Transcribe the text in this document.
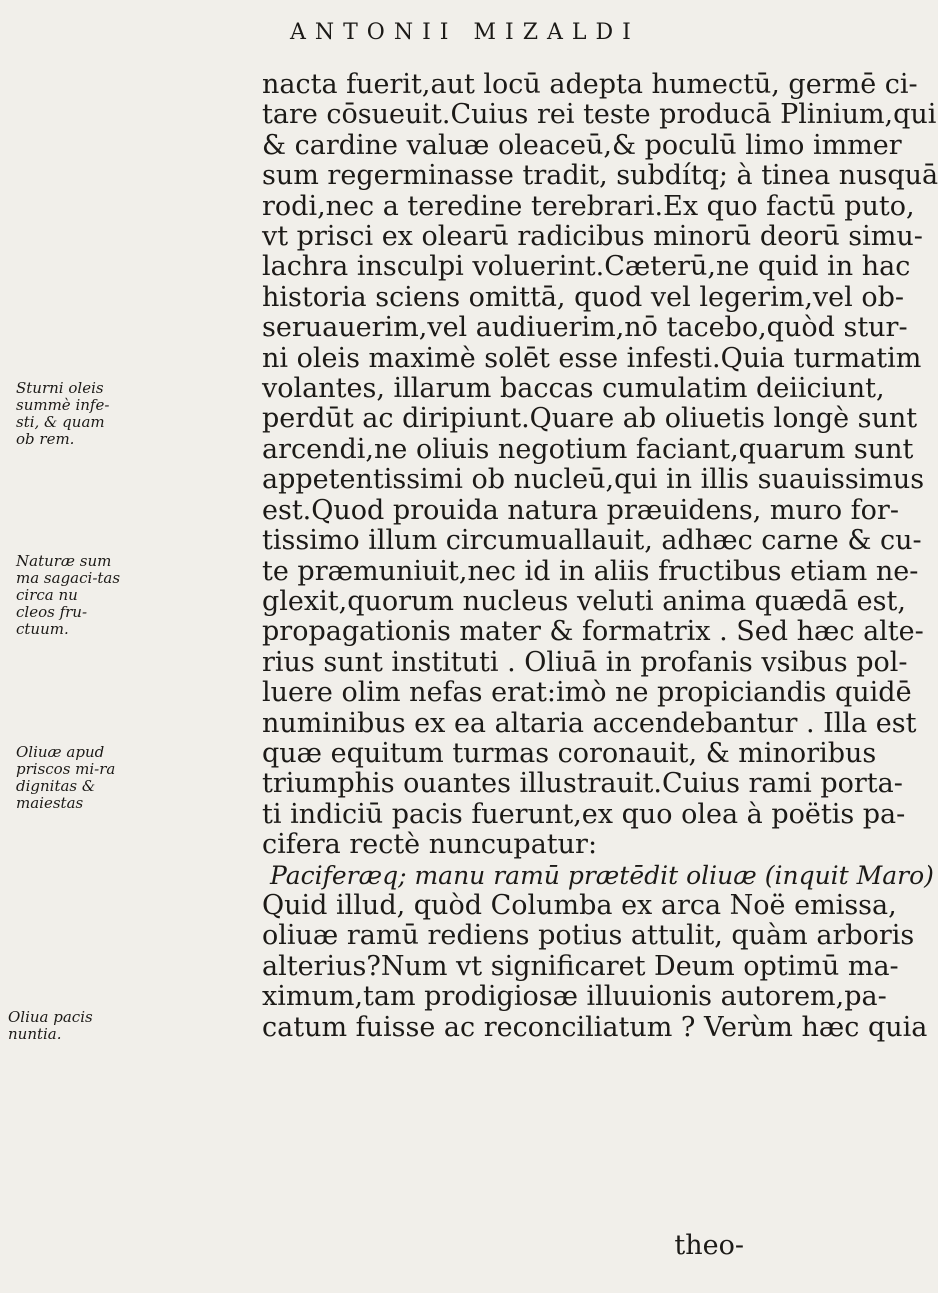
ANTONII MIZALDI
nacta fuerit,aut locū adepta humectū, germē ci-
tare cōsueuit.Cuius rei teste producā Plinium,qui
& cardine valuæ oleaceū,& poculū limo immer
sum regerminasse tradit, subdítq; à tinea nusquā
rodi,nec a teredine terebrari.Ex quo factū puto,
vt prisci ex olearū radicibus minorū deorū simu-
lachra insculpi voluerint.Cæterū,ne quid in hac
historia sciens omittā, quod vel legerim,vel ob-
seruauerim,vel audiuerim,nō tacebo,quòd stur-
ni oleis maximè solēt esse infesti.Quia turmatim
volantes, illarum baccas cumulatim deiiciunt,
perdūt ac diripiunt.Quare ab oliuetis longè sunt
arcendi,ne oliuis negotium faciant,quarum sunt
appetentissimi ob nucleū,qui in illis suauissimus
est.Quod prouida natura præuidens, muro for-
tissimo illum circumuallauit, adhæc carne & cu-
te præmuniuit,nec id in aliis fructibus etiam ne-
glexit,quorum nucleus veluti anima quædā est,
propagationis mater & formatrix . Sed hæc alte-
rius sunt instituti . Oliuā in profanis vsibus pol-
luere olim nefas erat:imò ne propiciandis quidē
numinibus ex ea altaria accendebantur . Illa est
quæ equitum turmas coronauit, & minoribus
triumphis ouantes illustrauit.Cuius rami porta-
ti indiciū pacis fuerunt,ex quo olea à poëtis pa-
cifera rectè nuncupatur:
Paciferæq; manu ramū prætēdit oliuæ (inquit Maro)
Quid illud, quòd Columba ex arca Noë emissa,
oliuæ ramū rediens potius attulit, quàm arboris
alterius?Num vt significaret Deum optimū ma-
ximum,tam prodigiosæ illuuionis autorem,pa-
catum fuisse ac reconciliatum ? Verùm hæc quia
theo-
Sturni oleis summè infe-sti, & quam ob rem.
Naturæ sum ma sagaci-tas circa nu cleos fru-ctuum.
Oliuæ apud priscos mi-ra dignitas & maiestas
Oliua pacis nuntia.
